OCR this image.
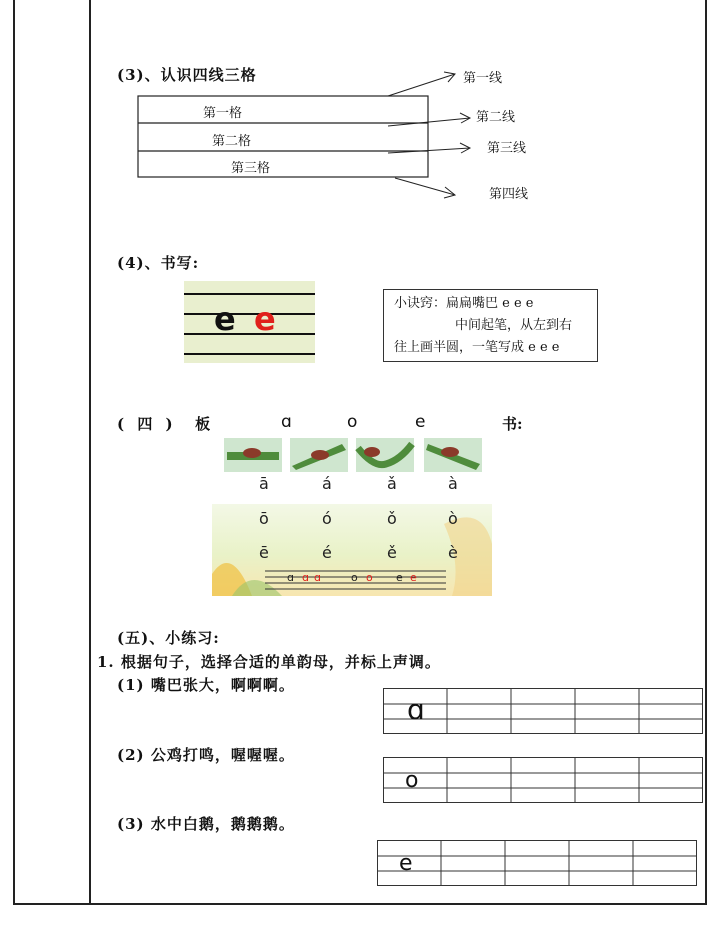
(3)、认识四线三格
第一格
第二格
第三格
第一线
第二线
第三线
第四线
(4)、书写:
e e	小诀窍：扁扁嘴巴 e e e
中间起笔，从左到右
往上画半圆，一笔写成 e e e
( 四 )  板	ɑ	o	e	书:
ā	á	ǎ	à
ō	ó	ǒ	ò
ē	é	ě	è
ɑ ɑ ɑ	o o e e
(五)、小练习:
1. 根据句子，选择合适的单韵母，并标上声调。
(1) 嘴巴张大，啊啊啊。
(2) 公鸡打鸣，喔喔喔。
(3) 水中白鹅，鹅鹅鹅。
ɑ
o
e
